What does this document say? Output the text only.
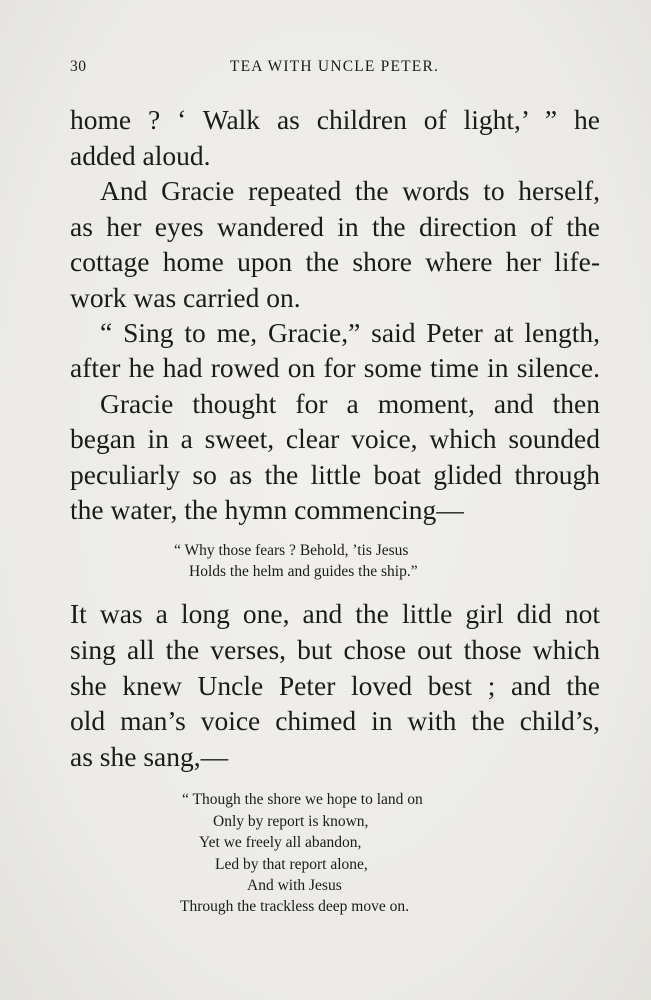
30	TEA WITH UNCLE PETER.
home ? ‘ Walk as children of light,’ ” he
added aloud.
And Gracie repeated the words to herself,
as her eyes wandered in the direction of the
cottage home upon the shore where her life-
work was carried on.
“ Sing to me, Gracie,” said Peter at length,
after he had rowed on for some time in silence.
Gracie thought for a moment, and then
began in a sweet, clear voice, which sounded
peculiarly so as the little boat glided through
the water, the hymn commencing—
“ Why those fears ? Behold, ’tis Jesus
Holds the helm and guides the ship.”
It was a long one, and the little girl did not
sing all the verses, but chose out those which
she knew Uncle Peter loved best ; and the
old man’s voice chimed in with the child’s,
as she sang,—
“ Though the shore we hope to land on
Only by report is known,
Yet we freely all abandon,
Led by that report alone,
And with Jesus
Through the trackless deep move on.
